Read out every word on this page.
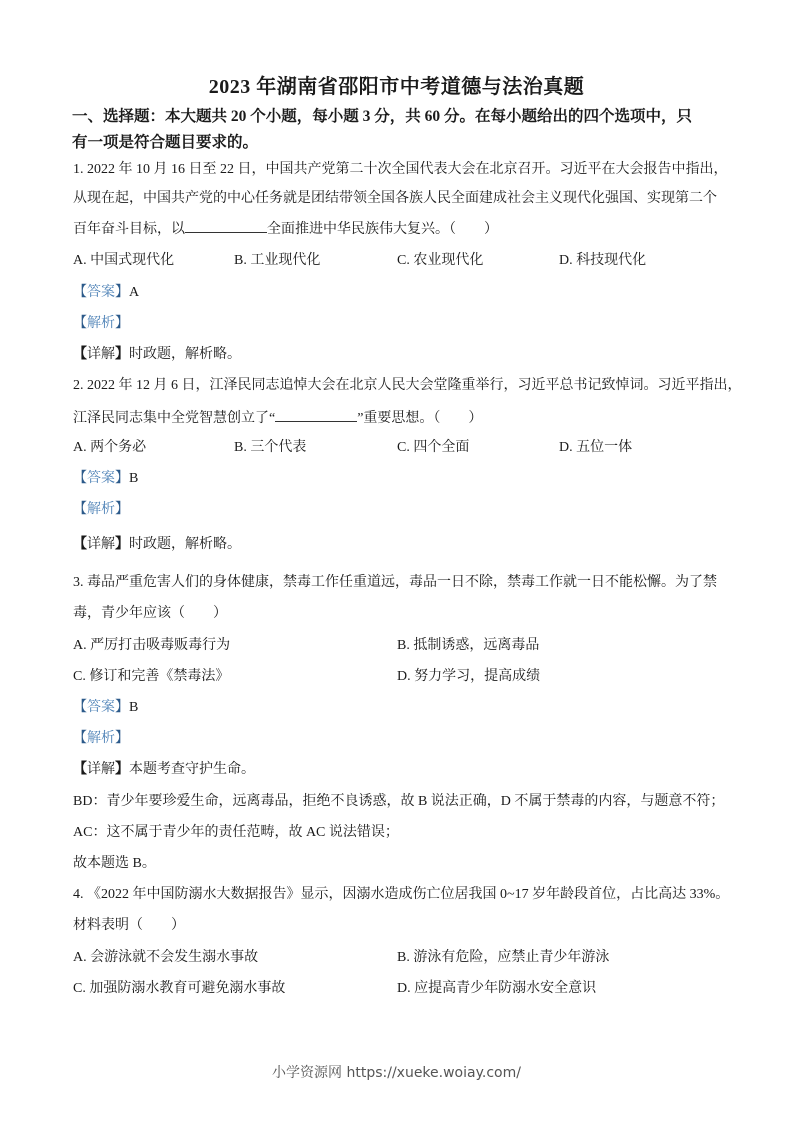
2023 年湖南省邵阳市中考道德与法治真题
一、选择题：本大题共 20 个小题，每小题 3 分，共 60 分。在每小题给出的四个选项中，只
有一项是符合题目要求的。
1. 2022 年 10 月 16 日至 22 日，中国共产党第二十次全国代表大会在北京召开。习近平在大会报告中指出，
从现在起，中国共产党的中心任务就是团结带领全国各族人民全面建成社会主义现代化强国、实现第二个
百年奋斗目标，以	全面推进中华民族伟大复兴。（　　）
A. 中国式现代化	B. 工业现代化	C. 农业现代化	D. 科技现代化
【答案】A
【解析】
【详解】时政题，解析略。
2. 2022 年 12 月 6 日，江泽民同志追悼大会在北京人民大会堂隆重举行，习近平总书记致悼词。习近平指出，
江泽民同志集中全党智慧创立了“	”重要思想。（　　）
A. 两个务必	B. 三个代表	C. 四个全面	D. 五位一体
【答案】B
【解析】
【详解】时政题，解析略。
3. 毒品严重危害人们的身体健康，禁毒工作任重道远，毒品一日不除，禁毒工作就一日不能松懈。为了禁
毒，青少年应该（　　）
A. 严厉打击吸毒贩毒行为	B. 抵制诱惑，远离毒品
C. 修订和完善《禁毒法》	D. 努力学习，提高成绩
【答案】B
【解析】
【详解】本题考查守护生命。
BD：青少年要珍爱生命，远离毒品，拒绝不良诱惑，故 B 说法正确，D 不属于禁毒的内容，与题意不符；
AC：这不属于青少年的责任范畴，故 AC 说法错误；
故本题选 B。
4. 《2022 年中国防溺水大数据报告》显示，因溺水造成伤亡位居我国 0~17 岁年龄段首位，占比高达 33%。
材料表明（　　）
A. 会游泳就不会发生溺水事故	B. 游泳有危险，应禁止青少年游泳
C. 加强防溺水教育可避免溺水事故	D. 应提高青少年防溺水安全意识
小学资源网 https://xueke.woiay.com/
